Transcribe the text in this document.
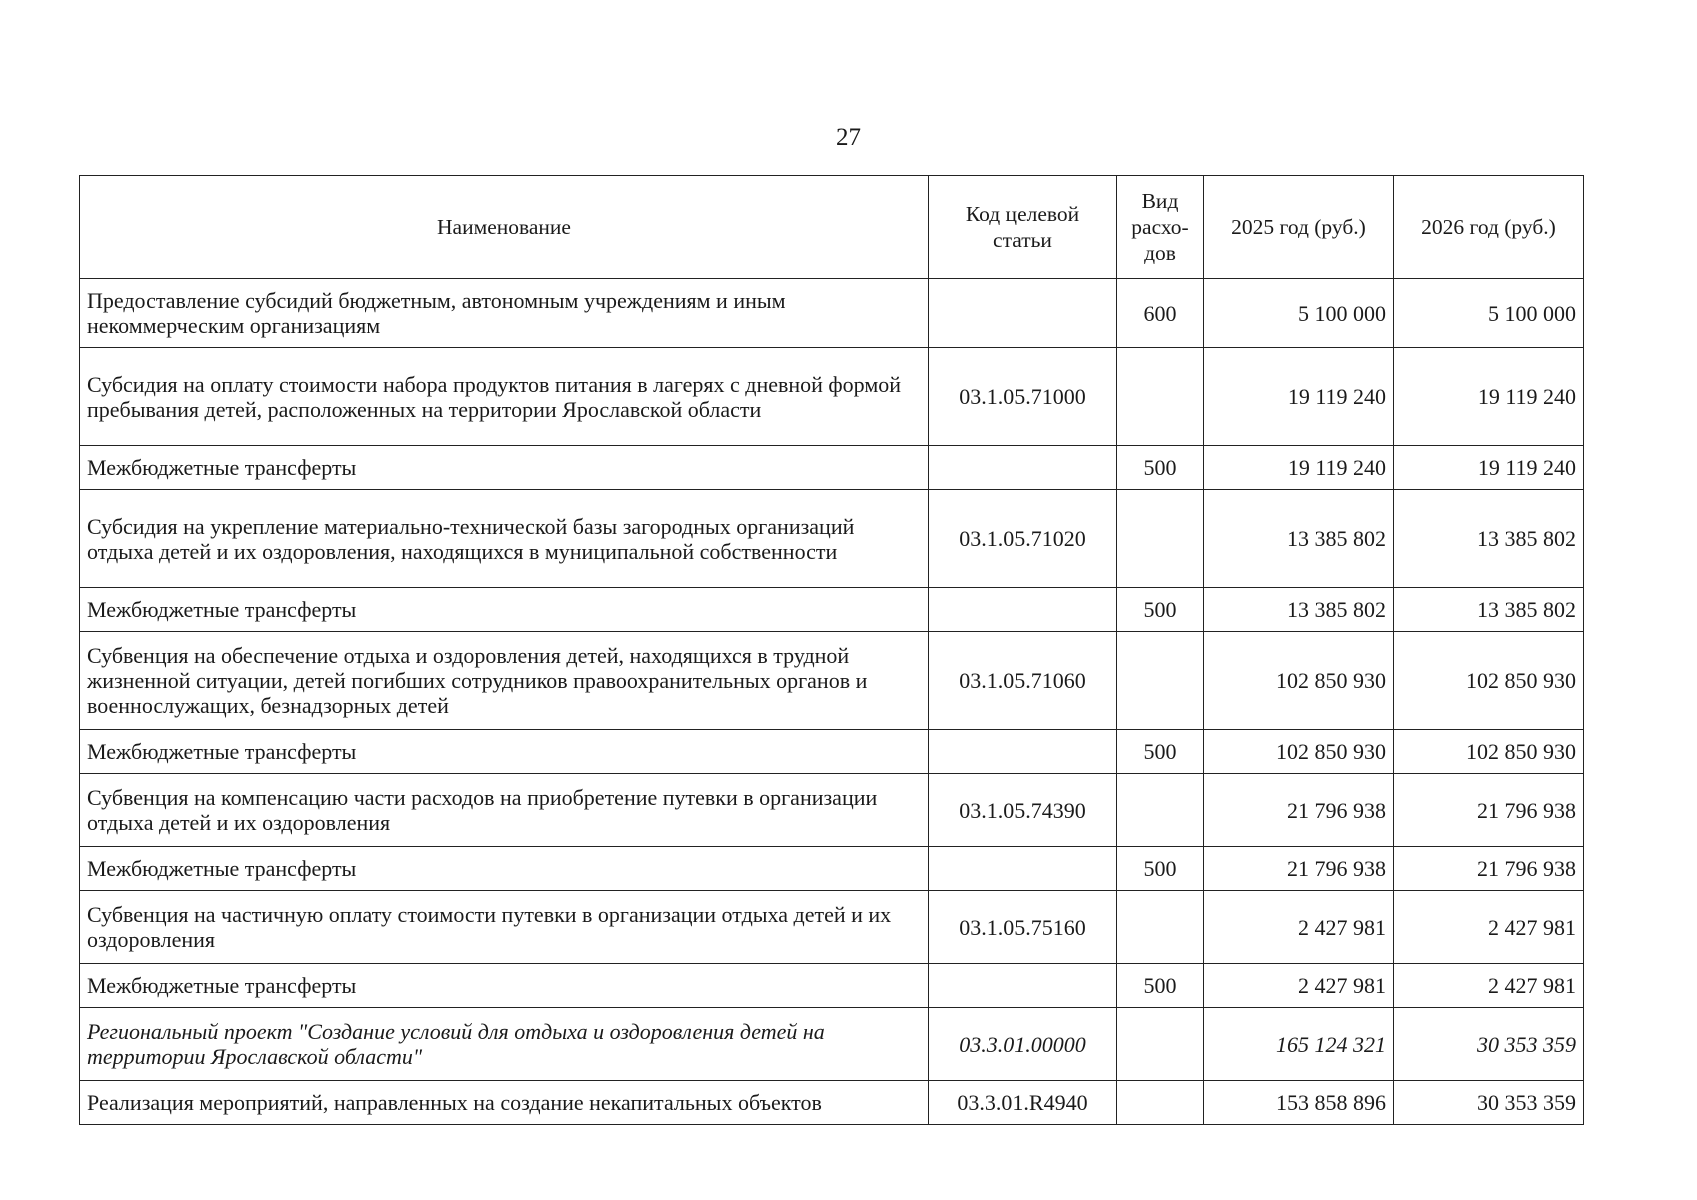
27
Наименование	Код целевой статьи	Вид расхо-дов	2025 год (руб.)	2026 год (руб.)
Предоставление субсидий бюджетным, автономным учреждениям и иным некоммерческим организациям		600	5 100 000	5 100 000
Субсидия на оплату стоимости набора продуктов питания в лагерях с дневной формой пребывания детей, расположенных на территории Ярославской области	03.1.05.71000		19 119 240	19 119 240
Межбюджетные трансферты		500	19 119 240	19 119 240
Субсидия на укрепление материально-технической базы загородных организаций отдыха детей и их оздоровления, находящихся в муниципальной собственности	03.1.05.71020		13 385 802	13 385 802
Межбюджетные трансферты		500	13 385 802	13 385 802
Субвенция на обеспечение отдыха и оздоровления детей, находящихся в трудной жизненной ситуации, детей погибших сотрудников правоохранительных органов и военнослужащих, безнадзорных детей	03.1.05.71060		102 850 930	102 850 930
Межбюджетные трансферты		500	102 850 930	102 850 930
Субвенция на компенсацию части расходов на приобретение путевки в организации отдыха детей и их оздоровления	03.1.05.74390		21 796 938	21 796 938
Межбюджетные трансферты		500	21 796 938	21 796 938
Субвенция на частичную оплату стоимости путевки в организации отдыха детей и их оздоровления	03.1.05.75160		2 427 981	2 427 981
Межбюджетные трансферты		500	2 427 981	2 427 981
Региональный проект "Создание условий для отдыха и оздоровления детей на территории Ярославской области"	03.3.01.00000		165 124 321	30 353 359
Реализация мероприятий, направленных на создание некапитальных объектов	03.3.01.R4940		153 858 896	30 353 359
